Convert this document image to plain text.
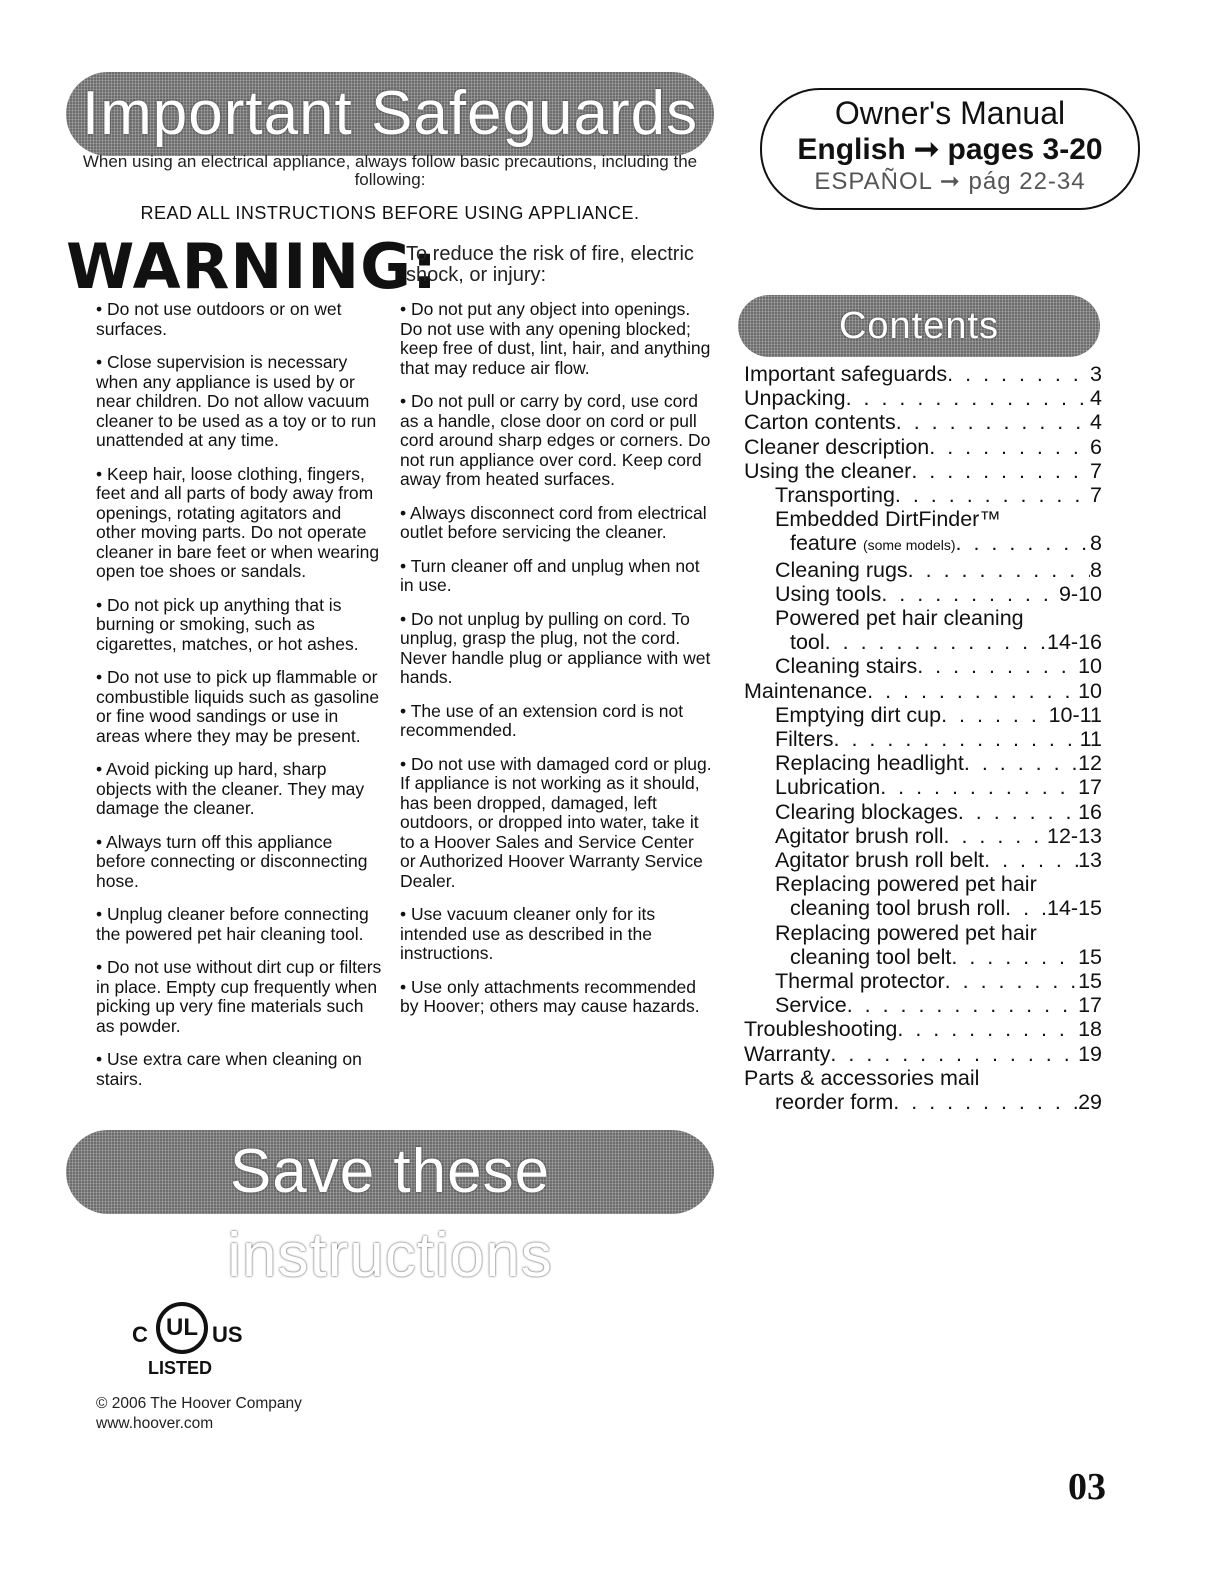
Important Safeguards
When using an electrical appliance, always follow basic precautions, including the following:
READ ALL INSTRUCTIONS BEFORE USING APPLIANCE.
WARNING:
To reduce the risk of fire, electric shock, or injury:
• Do not use outdoors or on wet surfaces.
• Close supervision is necessary when any appliance is used by or near children. Do not allow vacuum cleaner to be used as a toy or to run unattended at any time.
• Keep hair, loose clothing, fingers, feet and all parts of body away from openings, rotating agitators and other moving parts. Do not operate cleaner in bare feet or when wearing open toe shoes or sandals.
• Do not pick up anything that is burning or smoking, such as cigarettes, matches, or hot ashes.
• Do not use to pick up flammable or combustible liquids such as gasoline or fine wood sandings or use in areas where they may be present.
• Avoid picking up hard, sharp objects with the cleaner. They may damage the cleaner.
• Always turn off this appliance before connecting or disconnecting hose.
• Unplug cleaner before connecting the powered pet hair cleaning tool.
• Do not use without dirt cup or filters in place. Empty cup frequently when picking up very fine materials such as powder.
• Use extra care when cleaning on stairs.
• Do not put any object into openings. Do not use with any opening blocked; keep free of dust, lint, hair, and anything that may reduce air flow.
• Do not pull or carry by cord, use cord as a handle, close door on cord or pull cord around sharp edges or corners. Do not run appliance over cord. Keep cord away from heated surfaces.
• Always disconnect cord from electrical outlet before servicing the cleaner.
• Turn cleaner off and unplug when not in use.
• Do not unplug by pulling on cord. To unplug, grasp the plug, not the cord. Never handle plug or appliance with wet hands.
• The use of an extension cord is not recommended.
• Do not use with damaged cord or plug. If appliance is not working as it should, has been dropped, damaged, left outdoors, or dropped into water, take it to a Hoover Sales and Service Center or Authorized Hoover Warranty Service Dealer.
• Use vacuum cleaner only for its intended use as described in the instructions.
• Use only attachments recommended by Hoover; others may cause hazards.
Owner's Manual
English ➞ pages 3-20
ESPAÑOL ➞ pág 22-34
Contents
Important safeguards . . .	3
Unpacking . . .	4
Carton contents . . .	4
Cleaner description . . .	6
Using the cleaner . . .	7
Transporting . . .	7
Embedded DirtFinder™
feature (some models) . . .	8
Cleaning rugs . . .	8
Using tools . . .	9-10
Powered pet hair cleaning
tool . . .	14-16
Cleaning stairs . . .	10
Maintenance . . .	10
Emptying dirt cup . . .	10-11
Filters . . .	11
Replacing headlight . . .	12
Lubrication . . .	17
Clearing blockages . . .	16
Agitator brush roll . . .	12-13
Agitator brush roll belt . . .	13
Replacing powered pet hair
cleaning tool brush roll . . . 14-15
Replacing powered pet hair
cleaning tool belt . . .	15
Thermal protector . . .	15
Service . . .	17
Troubleshooting . . .	18
Warranty . . .	19
Parts & accessories mail
reorder form . . .	29
Save these instructions
C UL US
LISTED
© 2006 The Hoover Company
www.hoover.com
03
